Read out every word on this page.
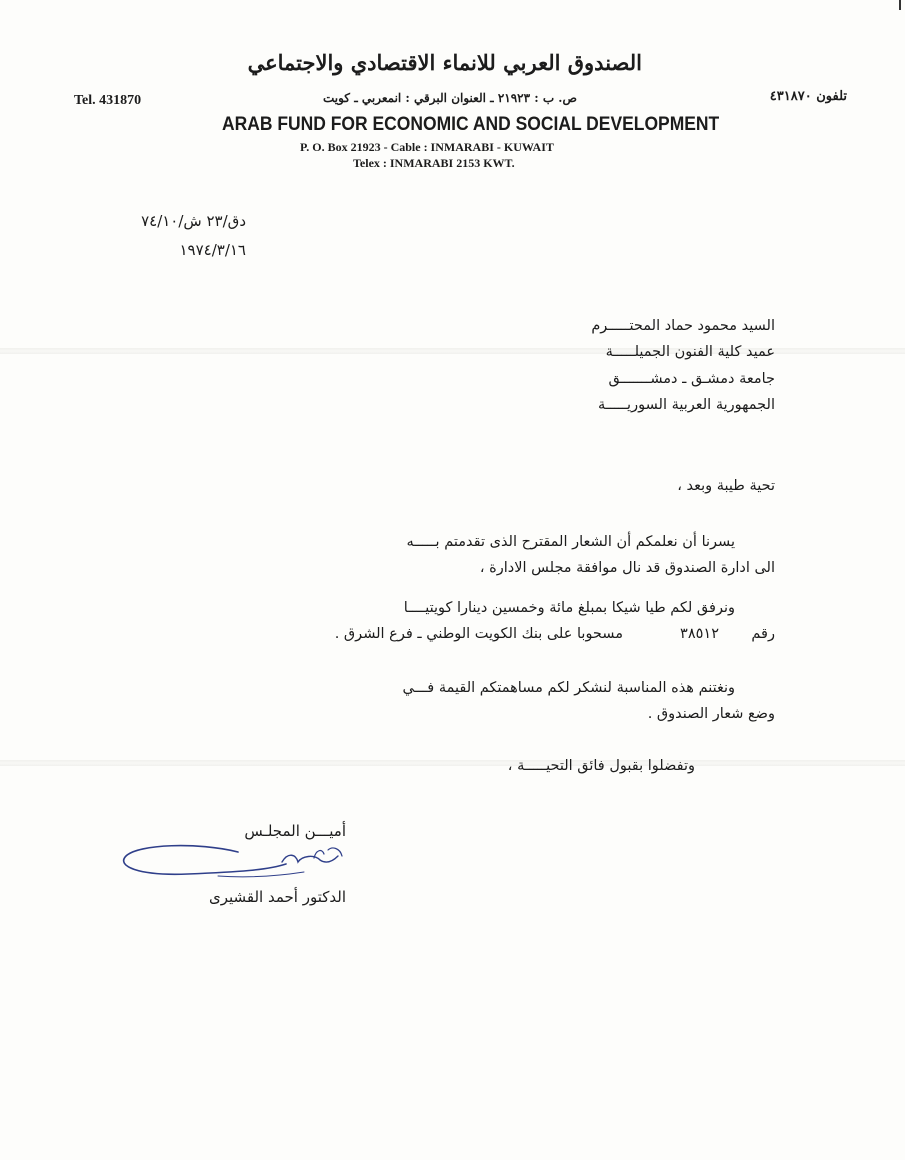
الصندوق العربي للانماء الاقتصادي والاجتماعي
Tel. 431870	تلفون ٤٣١٨٧٠
ص. ب : ٢١٩٢٣ ـ العنوان البرقي : انمعربي ـ كويت
ARAB FUND FOR ECONOMIC AND SOCIAL DEVELOPMENT
P. O. Box 21923 - Cable : INMARABI - KUWAIT
Telex : INMARABI 2153 KWT.
دق/٢٣ ش/٧٤/١٠
١٩٧٤/٣/١٦
السيد محمود حماد المحتـــــرم
عميد كلية الفنون الجميلـــــة
جامعة دمشـق ـ دمشـــــــق
الجمهورية العربية السوريـــــة
تحية طيبة وبعد ،
يسرنا أن نعلمكم أن الشعار المقترح الذى تقدمتم بـــــه
الى ادارة الصندوق قد نال موافقة مجلس الادارة ،
ونرفق لكم طيا شيكا بمبلغ مائة وخمسين دينارا كويتيــــا
رقم
٣٨٥١٢
مسحوبا على بنك الكويت الوطني ـ فرع الشرق .
ونغتنم هذه المناسبة لنشكر لكم مساهمتكم القيمة فـــي
وضع شعار الصندوق .
وتفضلوا بقبول فائق التحيـــــة ،
أميـــن المجلـس
الدكتور أحمد القشيرى
